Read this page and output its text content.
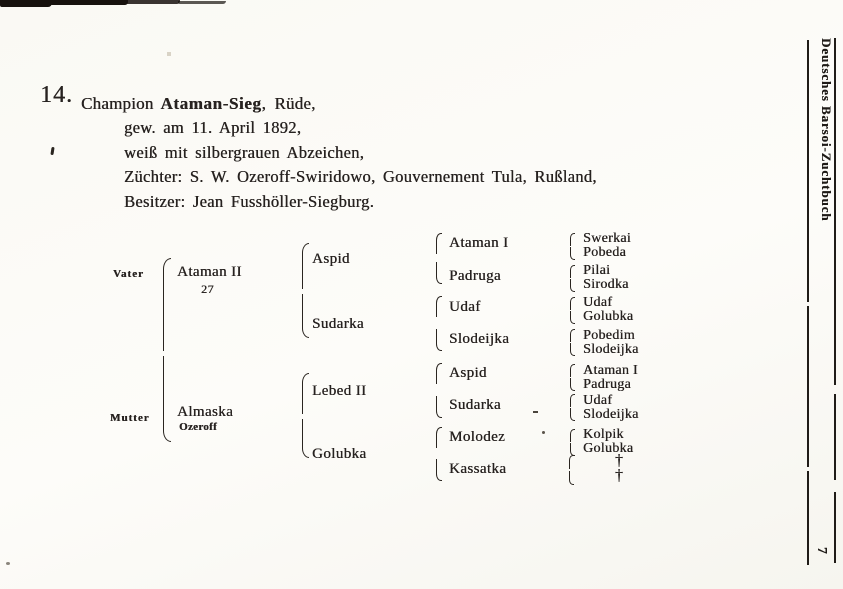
14. Champion Ataman-Sieg, Rüde,
gew. am 11. April 1892,
weiß mit silbergrauen Abzeichen,
Züchter: S. W. Ozeroff-Swiridowo, Gouvernement Tula, Rußland,
Besitzer: Jean Fusshöller-Siegburg.
Vater
Mutter
Ataman II
27
Almaska
Ozeroff
Aspid
Sudarka
Lebed II
Golubka
Ataman I
Padruga
Udaf
Slodeijka
Aspid
Sudarka
Molodez
Kassatka
Swerkai
Pobeda
Pilai
Sirodka
Udaf
Golubka
Pobedim
Slodeijka
Ataman I
Padruga
Udaf
Slodeijka
Kolpik
Golubka
†
†
Deutsches Barsoi-Zuchtbuch
7
